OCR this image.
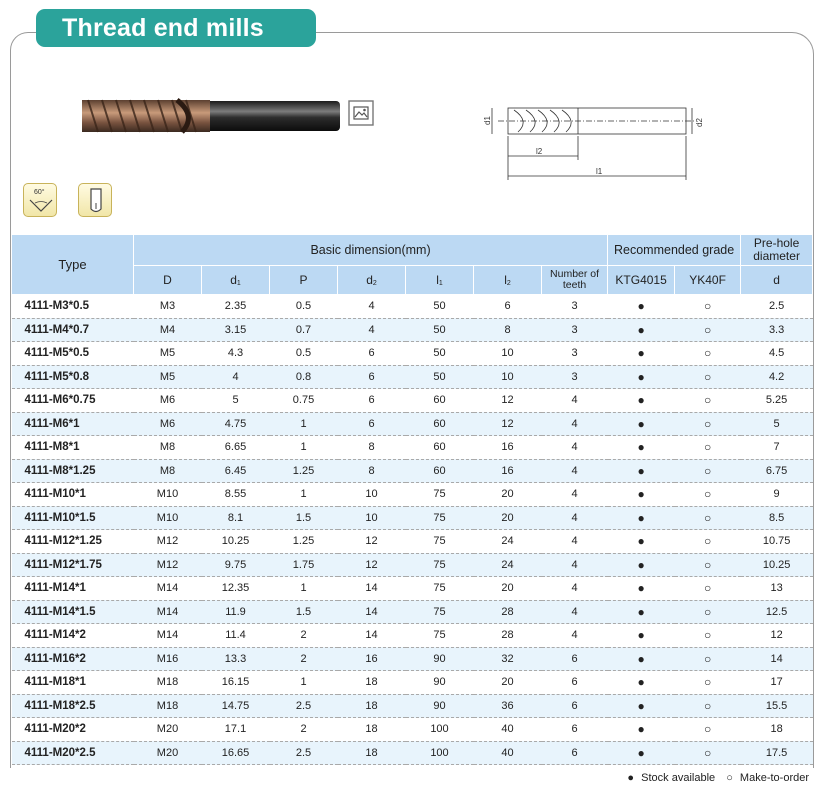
Thread end mills
d1	d2
l2
l1
60°
Type	Basic dimension(mm)							Recommended grade		Pre-hole diameter
	D	$d_1$	P	$d_2$	$l_1$	$l_2$	Number of teeth	KTG4015	YK40F	d
4111-M3*0.5	M3	2.35	0.5	4	50	6	3	●	○	2.5
4111-M4*0.7	M4	3.15	0.7	4	50	8	3	●	○	3.3
4111-M5*0.5	M5	4.3	0.5	6	50	10	3	●	○	4.5
4111-M5*0.8	M5	4	0.8	6	50	10	3	●	○	4.2
4111-M6*0.75	M6	5	0.75	6	60	12	4	●	○	5.25
4111-M6*1	M6	4.75	1	6	60	12	4	●	○	5
4111-M8*1	M8	6.65	1	8	60	16	4	●	○	7
4111-M8*1.25	M8	6.45	1.25	8	60	16	4	●	○	6.75
4111-M10*1	M10	8.55	1	10	75	20	4	●	○	9
4111-M10*1.5	M10	8.1	1.5	10	75	20	4	●	○	8.5
4111-M12*1.25	M12	10.25	1.25	12	75	24	4	●	○	10.75
4111-M12*1.75	M12	9.75	1.75	12	75	24	4	●	○	10.25
4111-M14*1	M14	12.35	1	14	75	20	4	●	○	13
4111-M14*1.5	M14	11.9	1.5	14	75	28	4	●	○	12.5
4111-M14*2	M14	11.4	2	14	75	28	4	●	○	12
4111-M16*2	M16	13.3	2	16	90	32	6	●	○	14
4111-M18*1	M18	16.15	1	18	90	20	6	●	○	17
4111-M18*2.5	M18	14.75	2.5	18	90	36	6	●	○	15.5
4111-M20*2	M20	17.1	2	18	100	40	6	●	○	18
4111-M20*2.5	M20	16.65	2.5	18	100	40	6	●	○	17.5
● Stock available ○ Make-to-order
